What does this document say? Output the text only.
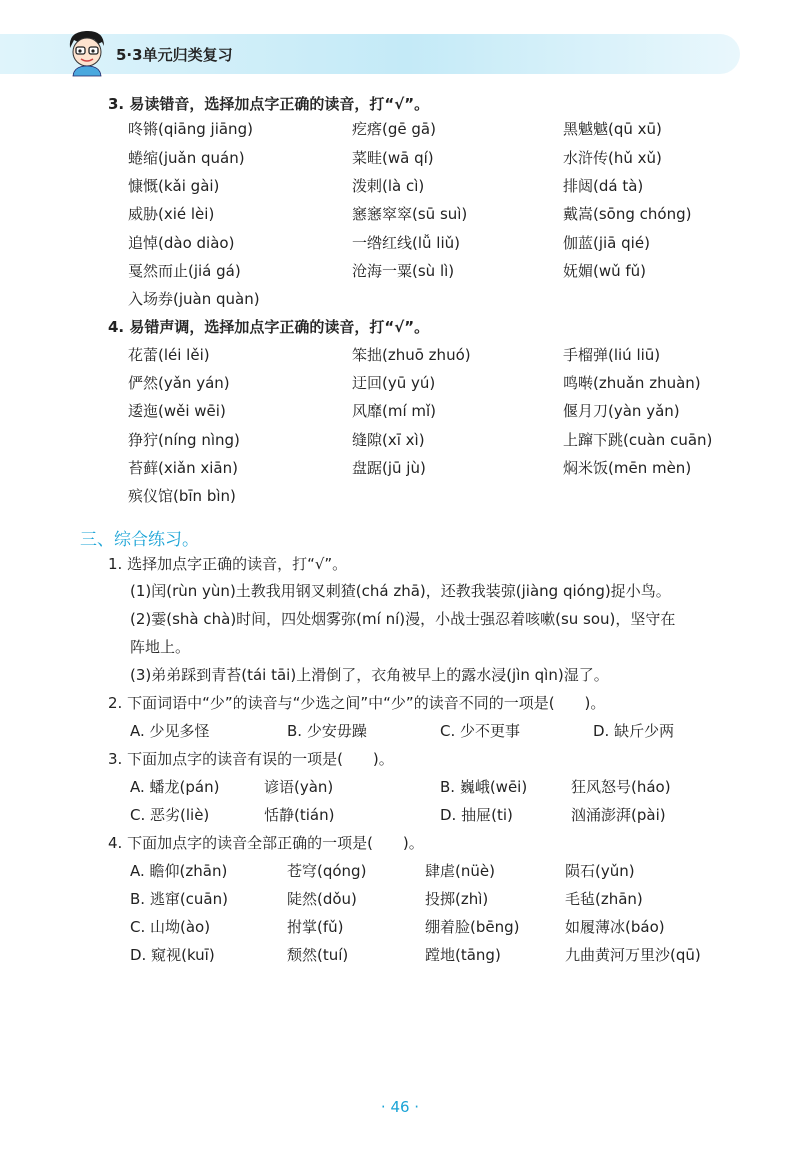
5·3单元归类复习
3. 易读错音，选择加点字正确的读音，打“√”。
咚锵(qiāng jiāng)	疙瘩(gē gā)	黑魆魆(qū xū)
蜷缩(juǎn quán)	菜畦(wā qí)	水浒传(hǔ xǔ)
慷慨(kǎi gài)	泼剌(là cì)	排闼(dá tà)
威胁(xié lèi)	窸窸窣窣(sū suì)	戴嵩(sōng chóng)
追悼(dào diào)	一绺红线(lǚ liǔ)	伽蓝(jiā qié)
戛然而止(jiá gá)	沧海一粟(sù lì)	妩媚(wǔ fǔ)
入场券(juàn quàn)
4. 易错声调，选择加点字正确的读音，打“√”。
花蕾(léi lěi)	笨拙(zhuō zhuó)	手榴弹(liú liū)
俨然(yǎn yán)	迂回(yū yú)	鸣啭(zhuǎn zhuàn)
逶迤(wěi wēi)	风靡(mí mǐ)	偃月刀(yàn yǎn)
狰狞(níng nìng)	缝隙(xī xì)	上蹿下跳(cuàn cuān)
苔藓(xiǎn xiān)	盘踞(jū jù)	焖米饭(mēn mèn)
殡仪馆(bīn bìn)
三、综合练习。
1. 选择加点字正确的读音，打“√”。
(1)闰(rùn yùn)土教我用钢叉刺猹(chá zhā)，还教我装弶(jiàng qióng)捉小鸟。
(2)霎(shà chà)时间，四处烟雾弥(mí ní)漫，小战士强忍着咳嗽(su sou)，坚守在
阵地上。
(3)弟弟踩到青苔(tái tāi)上滑倒了，衣角被早上的露水浸(jìn qìn)湿了。
2. 下面词语中“少”的读音与“少选之间”中“少”的读音不同的一项是(　　)。
A. 少见多怪	B. 少安毋躁	C. 少不更事	D. 缺斤少两
3. 下面加点字的读音有误的一项是(　　)。
A. 蟠龙(pán)	谚语(yàn)	B. 巍峨(wēi)	狂风怒号(háo)
C. 恶劣(liè)	恬静(tián)	D. 抽屉(ti)	汹涌澎湃(pài)
4. 下面加点字的读音全部正确的一项是(　　)。
A. 瞻仰(zhān)	苍穹(qóng)	肆虐(nüè)	陨石(yǔn)
B. 逃窜(cuān)	陡然(dǒu)	投掷(zhì)	毛毡(zhān)
C. 山坳(ào)	拊掌(fǔ)	绷着脸(bēng)	如履薄冰(báo)
D. 窥视(kuī)	颓然(tuí)	蹚地(tāng)	九曲黄河万里沙(qū)
· 46 ·
